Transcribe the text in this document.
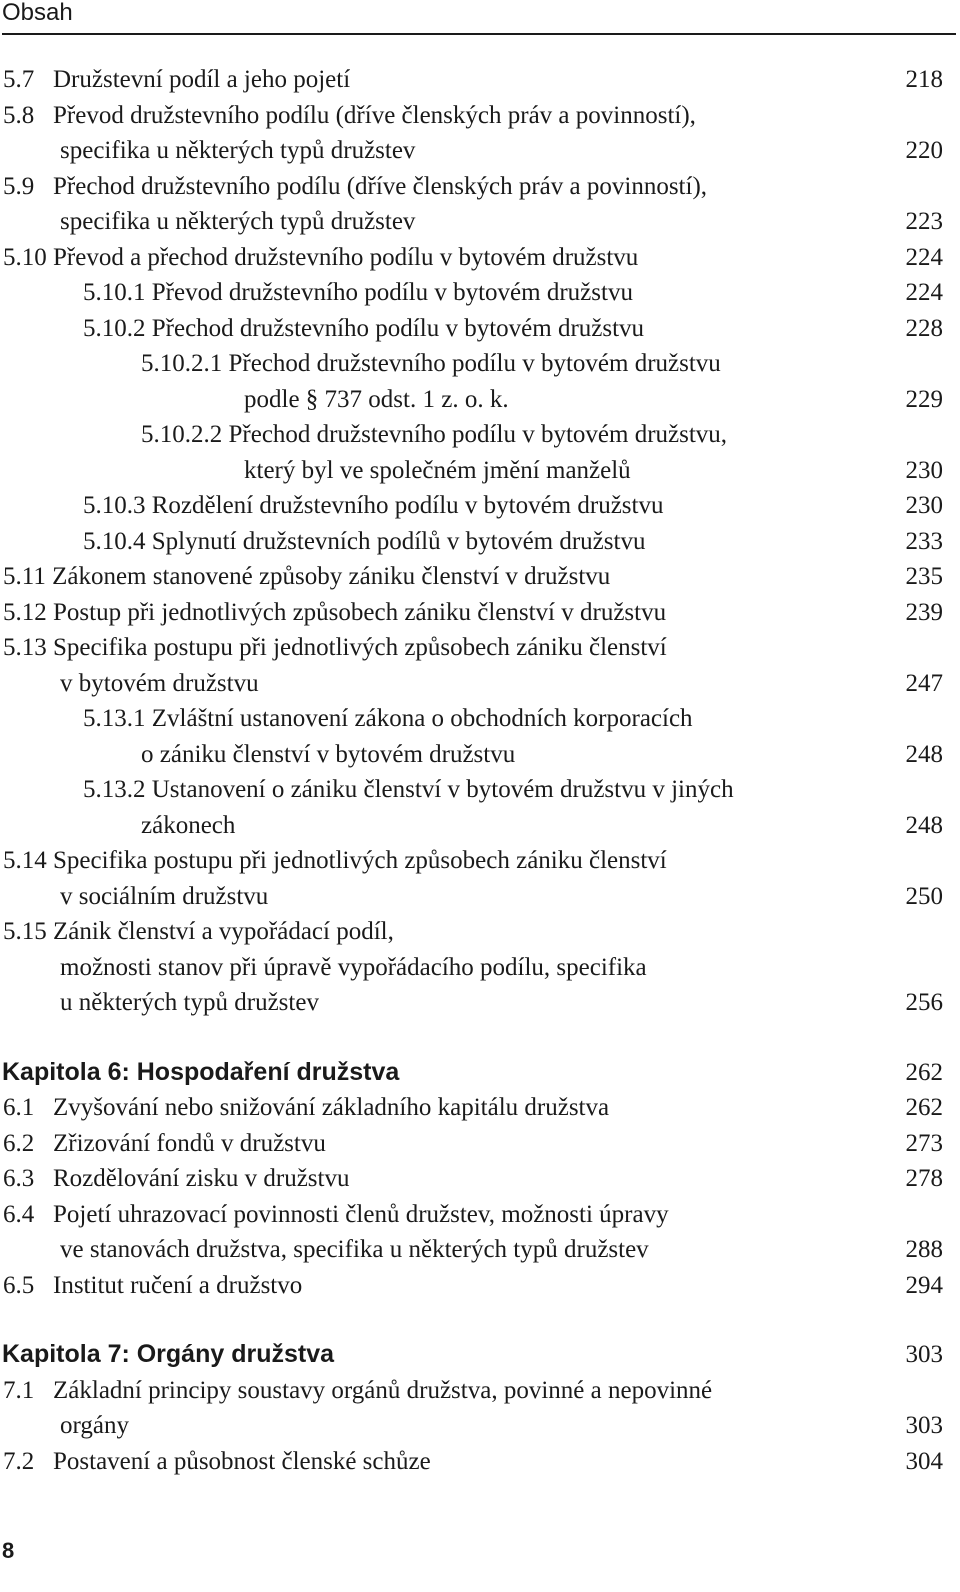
Obsah
5.7   Družstevní podíl a jeho pojetí	218
5.8   Převod družstevního podílu (dříve členských práv a povinností),
specifika u některých typů družstev	220
5.9   Přechod družstevního podílu (dříve členských práv a povinností),
specifika u některých typů družstev	223
5.10 Převod a přechod družstevního podílu v bytovém družstvu	224
5.10.1 Převod družstevního podílu v bytovém družstvu	224
5.10.2 Přechod družstevního podílu v bytovém družstvu	228
5.10.2.1 Přechod družstevního podílu v bytovém družstvu
podle § 737 odst. 1 z. o. k.	229
5.10.2.2 Přechod družstevního podílu v bytovém družstvu,
který byl ve společném jmění manželů	230
5.10.3 Rozdělení družstevního podílu v bytovém družstvu	230
5.10.4 Splynutí družstevních podílů v bytovém družstvu	233
5.11 Zákonem stanovené způsoby zániku členství v družstvu	235
5.12 Postup při jednotlivých způsobech zániku členství v družstvu	239
5.13 Specifika postupu při jednotlivých způsobech zániku členství
v bytovém družstvu	247
5.13.1 Zvláštní ustanovení zákona o obchodních korporacích
o zániku členství v bytovém družstvu	248
5.13.2 Ustanovení o zániku členství v bytovém družstvu v jiných
zákonech	248
5.14 Specifika postupu při jednotlivých způsobech zániku členství
v sociálním družstvu	250
5.15 Zánik členství a vypořádací podíl,
možnosti stanov při úpravě vypořádacího podílu, specifika
u některých typů družstev	256
Kapitola 6: Hospodaření družstva	262
6.1   Zvyšování nebo snižování základního kapitálu družstva	262
6.2   Zřizování fondů v družstvu	273
6.3   Rozdělování zisku v družstvu	278
6.4   Pojetí uhrazovací povinnosti členů družstev, možnosti úpravy
ve stanovách družstva, specifika u některých typů družstev	288
6.5   Institut ručení a družstvo	294
Kapitola 7: Orgány družstva	303
7.1   Základní principy soustavy orgánů družstva, povinné a nepovinné
orgány	303
7.2   Postavení a působnost členské schůze	304
8
